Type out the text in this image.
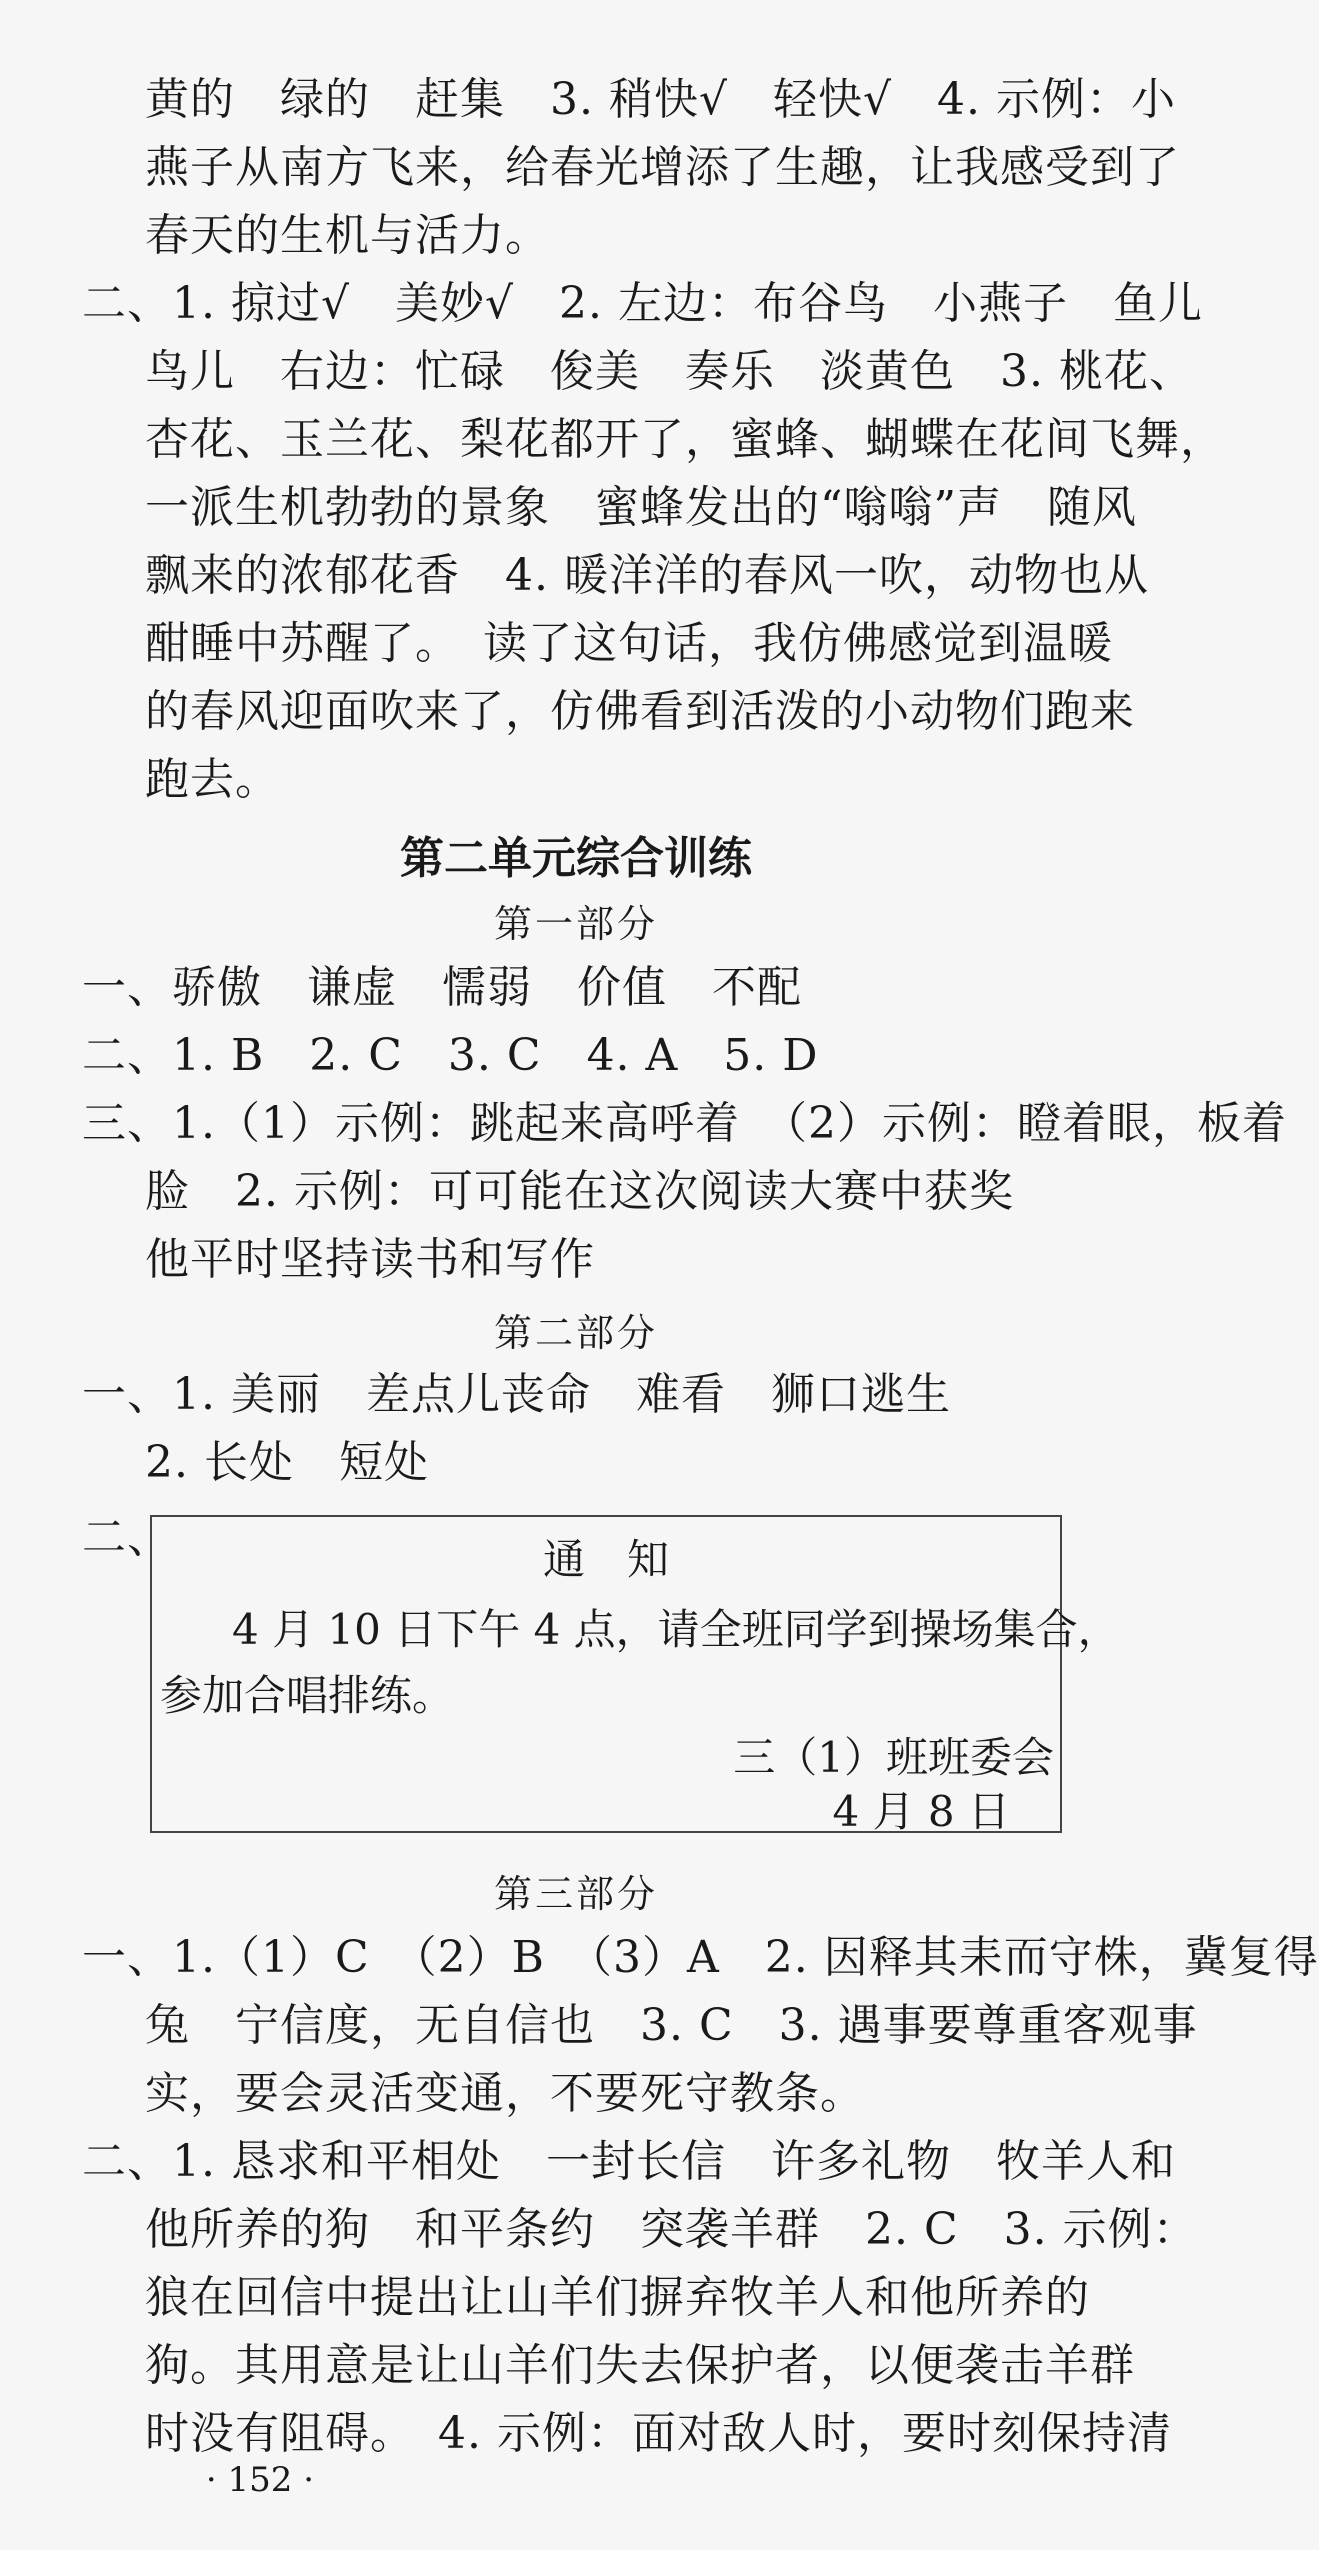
黄的　绿的　赶集　3. 稍快√　轻快√　4. 示例：小
燕子从南方飞来，给春光增添了生趣，让我感受到了
春天的生机与活力。
二、1. 掠过√　美妙√　2. 左边：布谷鸟　小燕子　鱼儿
鸟儿　右边：忙碌　俊美　奏乐　淡黄色　3. 桃花、
杏花、玉兰花、梨花都开了，蜜蜂、蝴蝶在花间飞舞，
一派生机勃勃的景象　蜜蜂发出的“嗡嗡”声　随风
飘来的浓郁花香　4. 暖洋洋的春风一吹，动物也从
酣睡中苏醒了。　读了这句话，我仿佛感觉到温暖
的春风迎面吹来了，仿佛看到活泼的小动物们跑来
跑去。
第二单元综合训练
第一部分
一、骄傲　谦虚　懦弱　价值　不配
二、1. B　2. C　3. C　4. A　5. D
三、1.（1）示例：跳起来高呼着　（2）示例：瞪着眼，板着
脸　2. 示例：可可能在这次阅读大赛中获奖
他平时坚持读书和写作
第二部分
一、1. 美丽　差点儿丧命　难看　狮口逃生
2. 长处　短处
二、	通　知
4 月 10 日下午 4 点，请全班同学到操场集合，
参加合唱排练。
三（1）班班委会
4 月 8 日
第三部分
一、1.（1）C　（2）B　（3）A　2. 因释其耒而守株，冀复得
兔　宁信度，无自信也　3. C　3. 遇事要尊重客观事
实，要会灵活变通，不要死守教条。
二、1. 恳求和平相处　一封长信　许多礼物　牧羊人和
他所养的狗　和平条约　突袭羊群　2. C　3. 示例：
狼在回信中提出让山羊们摒弃牧羊人和他所养的
狗。其用意是让山羊们失去保护者，以便袭击羊群
时没有阻碍。　4. 示例：面对敌人时，要时刻保持清
· 152 ·
